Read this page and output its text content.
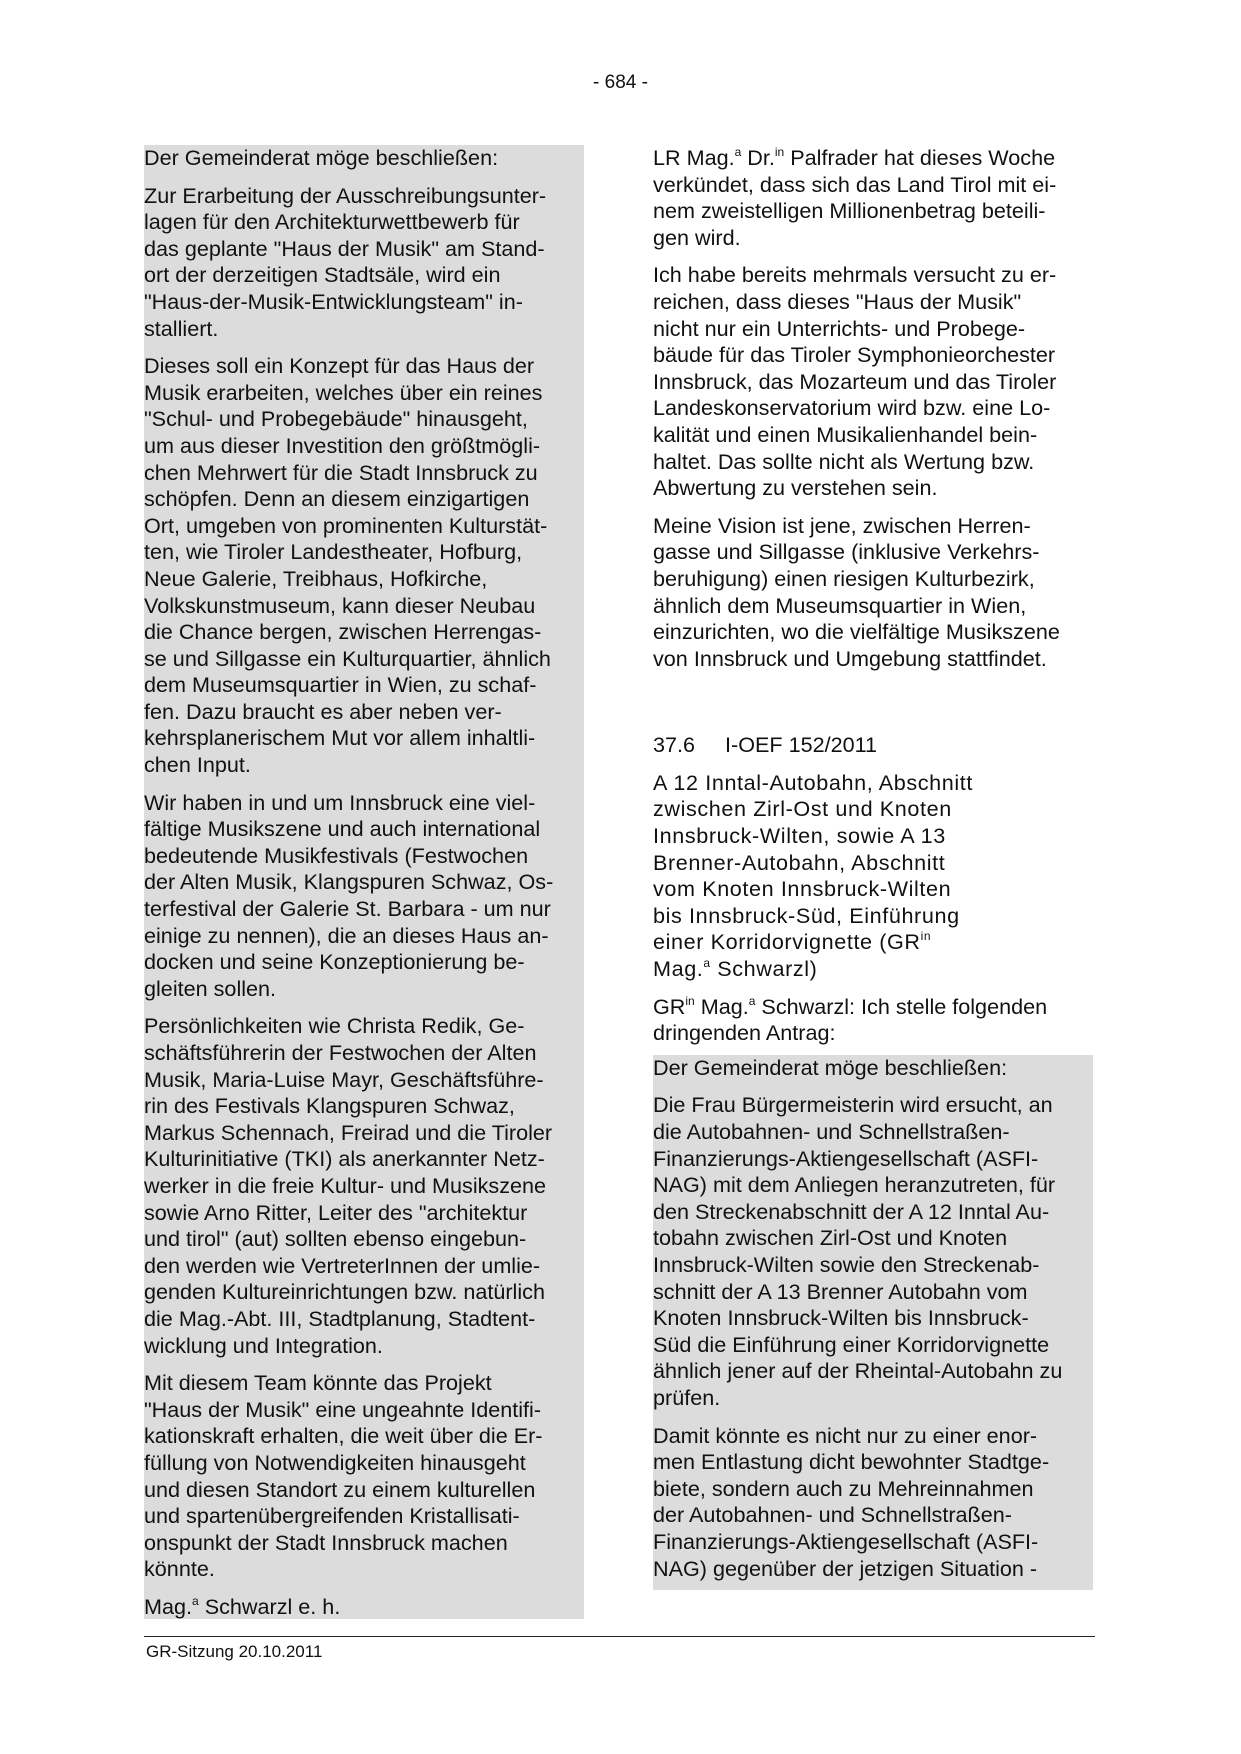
- 684 -

Der Gemeinderat möge beschließen:

Zur Erarbeitung der Ausschreibungsunter-
lagen für den Architekturwettbewerb für
das geplante "Haus der Musik" am Stand-
ort der derzeitigen Stadtsäle, wird ein
"Haus-der-Musik-Entwicklungsteam" in-
stalliert.

Dieses soll ein Konzept für das Haus der
Musik erarbeiten, welches über ein reines
"Schul- und Probegebäude" hinausgeht,
um aus dieser Investition den größtmögli-
chen Mehrwert für die Stadt Innsbruck zu
schöpfen. Denn an diesem einzigartigen
Ort, umgeben von prominenten Kulturstät-
ten, wie Tiroler Landestheater, Hofburg,
Neue Galerie, Treibhaus, Hofkirche,
Volkskunstmuseum, kann dieser Neubau
die Chance bergen, zwischen Herrengas-
se und Sillgasse ein Kulturquartier, ähnlich
dem Museumsquartier in Wien, zu schaf-
fen. Dazu braucht es aber neben ver-
kehrsplanerischem Mut vor allem inhaltli-
chen Input.

Wir haben in und um Innsbruck eine viel-
fältige Musikszene und auch international
bedeutende Musikfestivals (Festwochen
der Alten Musik, Klangspuren Schwaz, Os-
terfestival der Galerie St. Barbara - um nur
einige zu nennen), die an dieses Haus an-
docken und seine Konzeptionierung be-
gleiten sollen.

Persönlichkeiten wie Christa Redik, Ge-
schäftsführerin der Festwochen der Alten
Musik, Maria-Luise Mayr, Geschäftsführe-
rin des Festivals Klangspuren Schwaz,
Markus Schennach, Freirad und die Tiroler
Kulturinitiative (TKI) als anerkannter Netz-
werker in die freie Kultur- und Musikszene
sowie Arno Ritter, Leiter des "architektur
und tirol" (aut) sollten ebenso eingebun-
den werden wie VertreterInnen der umlie-
genden Kultureinrichtungen bzw. natürlich
die Mag.-Abt. III, Stadtplanung, Stadtent-
wicklung und Integration.

Mit diesem Team könnte das Projekt
"Haus der Musik" eine ungeahnte Identifi-
kationskraft erhalten, die weit über die Er-
füllung von Notwendigkeiten hinausgeht
und diesen Standort zu einem kulturellen
und spartenübergreifenden Kristallisati-
onspunkt der Stadt Innsbruck machen
könnte.

Mag.$^a$ Schwarzl e. h.

LR Mag.$^a$ Dr.$^{in}$ Palfrader hat dieses Woche
verkündet, dass sich das Land Tirol mit ei-
nem zweistelligen Millionenbetrag beteili-
gen wird.

Ich habe bereits mehrmals versucht zu er-
reichen, dass dieses "Haus der Musik"
nicht nur ein Unterrichts- und Probege-
bäude für das Tiroler Symphonieorchester
Innsbruck, das Mozarteum und das Tiroler
Landeskonservatorium wird bzw. eine Lo-
kalität und einen Musikalienhandel bein-
haltet. Das sollte nicht als Wertung bzw.
Abwertung zu verstehen sein.

Meine Vision ist jene, zwischen Herren-
gasse und Sillgasse (inklusive Verkehrs-
beruhigung) einen riesigen Kulturbezirk,
ähnlich dem Museumsquartier in Wien,
einzurichten, wo die vielfältige Musikszene
von Innsbruck und Umgebung stattfindet.

37.6	I-OEF 152/2011

A 12 Inntal-Autobahn, Abschnitt
zwischen Zirl-Ost und Knoten
Innsbruck-Wilten, sowie A 13
Brenner-Autobahn, Abschnitt
vom Knoten Innsbruck-Wilten
bis Innsbruck-Süd, Einführung
einer Korridorvignette ($GR^{in}$
Mag.$^a$ Schwarzl)

$GR^{in}$ Mag.$^a$ Schwarzl: Ich stelle folgenden
dringenden Antrag:

Der Gemeinderat möge beschließen:

Die Frau Bürgermeisterin wird ersucht, an
die Autobahnen- und Schnellstraßen-
Finanzierungs-Aktiengesellschaft (ASFI-
NAG) mit dem Anliegen heranzutreten, für
den Streckenabschnitt der A 12 Inntal Au-
tobahn zwischen Zirl-Ost und Knoten
Innsbruck-Wilten sowie den Streckenab-
schnitt der A 13 Brenner Autobahn vom
Knoten Innsbruck-Wilten bis Innsbruck-
Süd die Einführung einer Korridorvignette
ähnlich jener auf der Rheintal-Autobahn zu
prüfen.

Damit könnte es nicht nur zu einer enor-
men Entlastung dicht bewohnter Stadtge-
biete, sondern auch zu Mehreinnahmen
der Autobahnen- und Schnellstraßen-
Finanzierungs-Aktiengesellschaft (ASFI-
NAG) gegenüber der jetzigen Situation -

GR-Sitzung 20.10.2011
